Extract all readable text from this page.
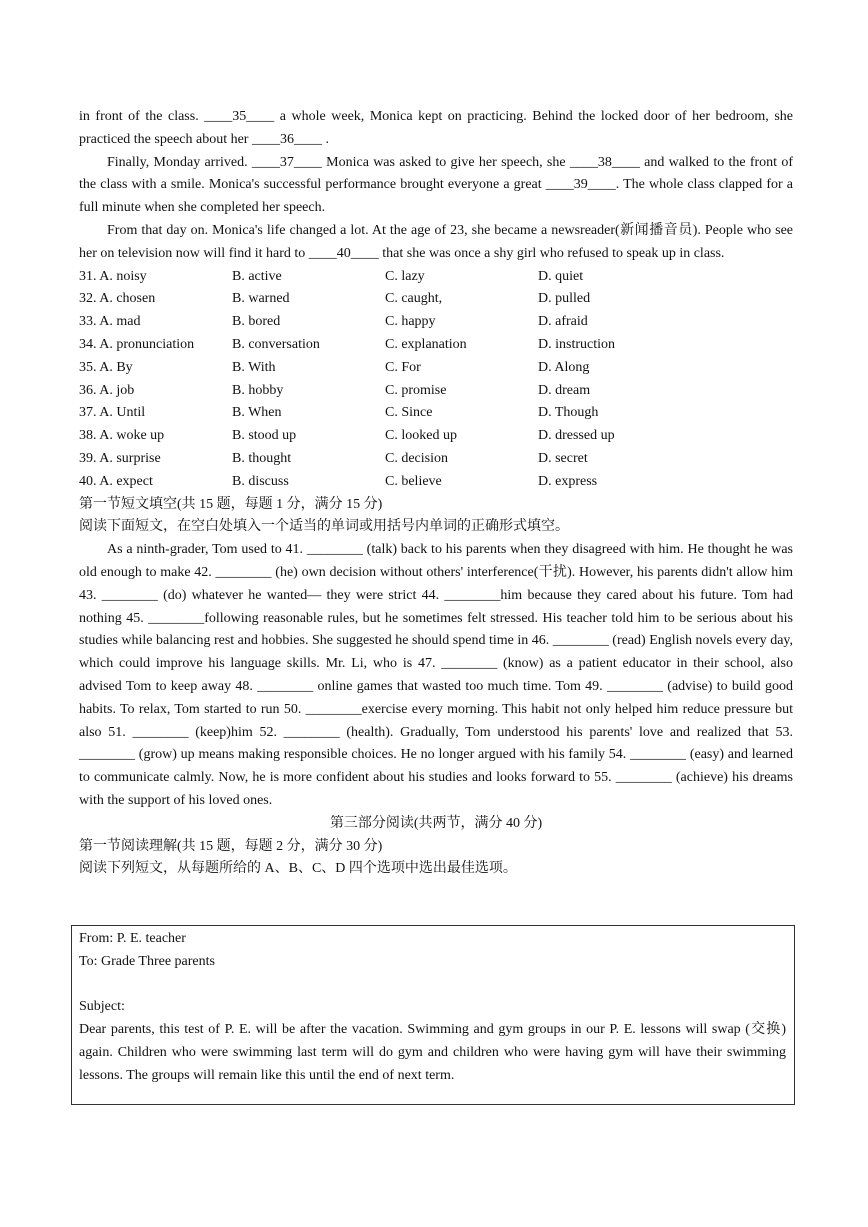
in front of the class. ____35____ a whole week, Monica kept on practicing. Behind the locked door of her bedroom, she practiced the speech about her ____36____ .

Finally, Monday arrived. ____37____ Monica was asked to give her speech, she ____38____ and walked to the front of the class with a smile. Monica's successful performance brought everyone a great ____39____. The whole class clapped for a full minute when she completed her speech.

From that day on. Monica's life changed a lot. At the age of 23, she became a newsreader(新闻播音员). People who see her on television now will find it hard to ____40____ that she was once a shy girl who refused to speak up in class.

31. A. noisy	B. active	C. lazy	D. quiet
32. A. chosen	B. warned	C. caught,	D. pulled
33. A. mad	B. bored	C. happy	D. afraid
34. A. pronunciation	B. conversation	C. explanation	D. instruction
35. A. By	B. With	C. For	D. Along
36. A. job	B. hobby	C. promise	D. dream
37. A. Until	B. When	C. Since	D. Though
38. A. woke up	B. stood up	C. looked up	D. dressed up
39. A. surprise	B. thought	C. decision	D. secret
40. A. expect	B. discuss	C. believe	D. express
第一节短文填空(共 15 题，每题 1 分，满分 15 分)
阅读下面短文，在空白处填入一个适当的单词或用括号内单词的正确形式填空。

As a ninth-grader, Tom used to 41. ________ (talk) back to his parents when they disagreed with him. He thought he was old enough to make 42. ________ (he) own decision without others' interference(干扰). However, his parents didn't allow him 43. ________ (do) whatever he wanted— they were strict 44. ________him because they cared about his future. Tom had nothing 45. ________following reasonable rules, but he sometimes felt stressed. His teacher told him to be serious about his studies while balancing rest and hobbies. She suggested he should spend time in 46. ________ (read) English novels every day, which could improve his language skills. Mr. Li, who is 47. ________ (know) as a patient educator in their school, also advised Tom to keep away 48. ________ online games that wasted too much time. Tom 49. ________ (advise) to build good habits. To relax, Tom started to run 50. ________exercise every morning. This habit not only helped him reduce pressure but also 51. ________ (keep)him 52. ________ (health). Gradually, Tom understood his parents' love and realized that 53. ________ (grow) up means making responsible choices. He no longer argued with his family 54. ________ (easy) and learned to communicate calmly. Now, he is more confident about his studies and looks forward to 55. ________ (achieve) his dreams with the support of his loved ones.

第三部分阅读(共两节，满分 40 分)
第一节阅读理解(共 15 题，每题 2 分，满分 30 分)
阅读下列短文，从每题所给的 A、B、C、D 四个选项中选出最佳选项。

From: P. E. teacher

To: Grade Three parents

Subject:

Dear parents, this test of P. E. will be after the vacation. Swimming and gym groups in our P. E. lessons will swap (交换) again. Children who were swimming last term will do gym and children who were having gym will have their swimming lessons. The groups will remain like this until the end of next term.
